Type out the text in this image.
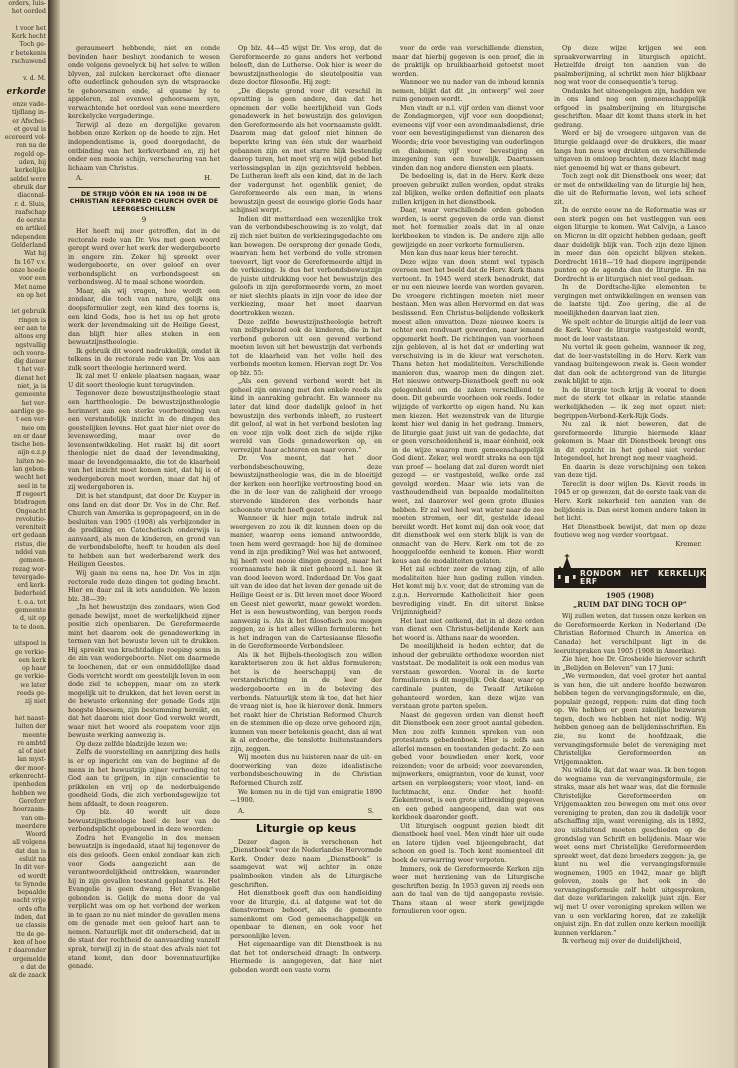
orders, luis-
het oorded

t voor het
Kerk hecht
Toch ge-
r betekenis
rschuwend

v. d. M.
erkorde
onze vade-
tijdlang in-
er Afschei-
et geval is
ecereerd vol-
ren na de
regeld op-
uden, bij
kerkelijke
seldel were
ebruik dar
diaconal-
r. d. Sluis,
raafschap
de eerste
en artikel
ndependen
Gelderland
Wat hij
In 167 v.v.
onze hoede
voor een
Met name
en op het

iet gebruik
ringen is
eer aan te
altoos erg
ngstvallig
och voora-
dig diener
t het ver-
dienst het
niet, ja is
gemeente
het ver-
aardige ge-
t een ver-
mee om
en er daar
tische ben-
aijn e.z.p
luiten ne-
lan gebon-
wecht het
seel in te
ff regeert
btsdragen
Ongeacht
revolutio-
vereniteit
ert gedaan
ristus, die
nddel van
gemeen-
rezag wor-
tevergade-
erd kerk-
liederheid
t. o.a. tot
gemeente
d, uit op
te te doen.

uitspoel is
ge verkie-
een kerk
op haar
ge verkie-
we later
reeds ge-
zij niet

het naast-
luiten der
meente
re ambtd
al of niet
lan myst-
der moor-
erkenrecht-
ipenheden
hebben we
Gereforr
hoorzaam-
van om-
meerdere
Woord
all volgens
dat dan is
esluit na
In dit ver-
ed wordt
te Synode
bepaalde
eacht vrije
ords ofte
inden, dat
ue classis
tte de ge-
ken of hoe
r daaronder
orgemelde
e dat de
ak de zaack

geraumeert hebbende, niet en conde bevinden haer besluyt zoodanich te wesen onde volgens gevoelyck bij het selve te willen blyven, zal zulcken kerckeraet ofte dienaer ofte ouderlinck gehouden syn de wtspraecke te gehoorsamen ende, al quame hy te appeleren, zal evenwel gehoorsaem syn, verwachtende het oordeel van eene meerdere kerckelycke vergaderinge.

Terwijl al deze en dergelijke gevaren hebben onze Kerken op de hoede te zijn. Het independentisme is, goed doorgedacht, de ontbinding van het kerkverband en, zij het onder een mooie schijn, verscheuring van het lichaam van Christus.

A.	H.
DE STRIJD VÓÓR EN NA 1908 IN DE CHRISTIAN REFORMED CHURCH OVER DE LEERGESCHILLEN
9

Het heeft mij zeer getroffen, dat in de rectorale rede van Dr. Vos met geen woord gerept werd over het werk der wedergeboorte in engere zin. Zeker hij spreekt over wedergeboorte, en over geloof en over verbondsplicht en verbondsgeest en verbondsweg. Al te maal schone woorden.

Maar, als wij vragen, hoe wordt een zondaar, die toch van nature, gelijk ons doopsformulier zegt, een kind des toorns is, een kind Gods, hoe is het nu op het grote werk der levendmaking uit de Heilige Geest, dan blijft hier alles steken in een bewustzijnstheologie.

Ik gebruik dit woord nadrukkelijk, omdat ik telkens in de rectorale rede van Dr. Vos aan zulk soort theologie herinnerd werd.

Ik zal met U enkele plaatsen nagaan, waar U dit soort theologie kunt terugvinden.

Tegenover deze bewustzijnstheologie staat een harttheologie. De bewustzijnstheologie herinnert aan een sterke voorbereiding van een verstandelijk inzicht in de dingen des geestelijken levens. Het gaat hier niet over de levenswording, maar over de levensontwikkeling. Het raakt bij dit soort theologie niet de daad der levendmaking, maar de levendgemaakte, die tot de klaarheid van het inzicht moet komen niet, dat hij is of wedergeboren moet worden, maar dat hij of zij wedergeboren is.

Dit is het standpunt, dat door Dr. Kuyper in ons land en dat door Dr. Vos in de Chr. Ref. Church van Amerika is gepropageerd, en in de besluiten van 1905 (1908) als verbijzonder in de prediking en Catechetisch onderwijs is aanvaard, als men de kinderen, en grond van de verbondsbelofte, heeft te houden als deel te hebben aan het wederbarend werk des Heiligen Geestes.

Wij gaan nu eens na, hoe Dr. Vos in zijn rectorale rede deze dingen tot geding bracht. Hier en daar zal ik iets aanduiden. We lezen blz. 38—39:

„In het bewustzijn des zondaars, wien God genade bewijst, moet de werkelijkheid zijner positie zich openbaren. De Gereformeerde mint het daarom ook de genadewerking in termen van het bewuste leven uit te drukken. Hij spreekt van krachtdadige roeping soms in de zin van wedergeboorte. Niet om daarmede te loochenen, dat er een onmiddellijke daad Gods verricht wordt om geestelijk leven in een dode ziel te scheppen, maar om zo sterk mogelijk uit te drukken, dat het leven eerst in de bewuste erkenning der genade Gods zijn hoogste bloesem, zijn bestemming bereikt, en dat het daarom niet door God verwekt wordt, waar niet het woord als roepstem voor zijn bewuste werking aanwezig is.

Op deze zelfde bladzijde lezen we:

Zelfs de voorstelling en aanrijzing des heils is er op ingericht om van de beginne af de mens in het bewustzijn zijner verhouding tot God aan te grijpen, in zijn conscientie te prikkelen en vrij op de nederbuigende goedheid Gods, die zich verbondsgewijze tot hem afdaalt, te doen reageren.

Op blz. 40 wordt uit deze bewustzijnstheologie heel de leer van de verbondsplicht opgebouwd in deze woorden:

Zodra het Evangelie in des mensen bewustzijn is ingedaald, staat hij tegenover de eis des geloofs. Geen enkel zondaar kan zich voor Gods aangezicht aan de verantwoordelijkheid onttrekken, waaronder hij in zijn gevallen toestand geplaatst is. Het Evangelie is geen dwang. Het Evangelie gebonden is. Gelijk de mens door de val verplicht was om op het verbond der werken in te gaan zo nu niet minder de gevallen mens om de genade met een geloof hart aan te nemen. Natuurlijk met dit onderscheid, dat in de staat der rechtheid de aanvaarding vanzelf sprak, terwijl zij in de staat des afvals niet tot stand komt, dan door bovennatuurlijke genade.

Op blz. 44—45 wijst Dr. Vos erop, dat de Gereformeerde zo gans anders het verbond beleeft, dan de Lutherse. Ook hier is weer de bewustzijnstheologie de sleutelpositie van deze doctor filosoofie. Hij zegt:

„De diepste grond voor dit verschil in opvatting is geen andere, dan dat het opnemen der volle heerlijkheid van Gods genadewerk in het bewustzijn des gelovigen den Gereformeerde als het voornaamste geldt. Daarom mag dat geloof niet binnen de beperkte kring van één stuk der waarheid gebannen zijn en met starre blik bestendig daarop turen, het moet vrij en wijd gebed het verlossingsplan in zijn gezichtsveld hebben. De Lutheran leeft als een kind, dat in de lach der vadergunst het ogenblik geniet, de Gereformeerde als een man, in wiens bewustzijn geest de eeuwige glorie Gods haar schijnsel werpt.

Indien dit metterdaad een wezenlijke trek van de verbondsbeschouwing is zo volgt, dat zij zich niet buiten de verkiezingsgedachte om kan bewegen. De oorsprong der genade Gods, waarvan hem het verbond de volle stromen toevoert, ligt voor de Gereformeerde altijd in de verkiezing. Is dus het verbondsbewustzijn de juiste uitdrukking voor het bewustzijn des geloofs in zijn gereformeerde vorm, zo moet er niet slechts plaats in zijn voor de idee der verkiezing, maar het moet daarvan doortrokken wezen.

Deze zelfde bewustzijnstheologie betreft van zelfsprekend ook de kinderen, die in het verbond geboren uit een gevend verbond moeten leven uit het bewustzijn dat verbonds tot de klaarheid van het volle heil des verbonds moeten komen. Hiervan zegt Dr. Vos op blz. 55:

„Als een gevend verbond wordt het in geheel zijn omvang met den enkele reeds als kind in aanraking gebracht. En wanneer nu later dat kind door dadelijk geloof in het bewustzijn des verbonds inleeft, zo rusteert dit geloof, al wat in het verbond besloten lag en voor zijn volk doet zich de wijde rijke wereld van Gods genadewerken op, en verrezijnt haar achteren en naar voren.”

Dr. Vos meent, dat het door verbondsbeschouwing, deze bewustzijnstheologie was, die in de bloeitijd der kerken een heerlijke vertroosting bood en die in de leer van de zaligheid der vroege stervende kinderen des verbonds haar schoonste vrucht heeft gezet.

Wanneer ik hier mijn totale indruk zal weergeven zo zou ik dit kunnen doen op de manier, waarop eens iemand antwoordde, toen hem werd gevraagd: hoe hij de dominee vond in zijn prediking? Wel was het antwoord, hij heeft veel mooie dingen gezegd, maar het voornaamste heb ik niet gehoord n.l. hoe ik van dood leeven word. Inderdaad Dr. Vos gaat uit van de idee dat het leven der genade uit de Heilige Geest er is. Dit leven moet door Woord en Geest niet gewerkt, maar gewekt worden. Het is een bewustwording, van bergen reeds aanwezig is. Als ik het filosofisch zou mogen zeggen, zo is het alles willen formuleren: het is het indragen van de Cartesiaanse filosofie in de Gereformeerde Verbondsleer.

Als ik het Bijbels-theologisch zou willen karakteriseren zou ik het aldus formuleren; het is de heerschappij van de verstandsrichting in de leer der wedergeboorte en in de beleving des verbonds. Natuurlijk stem ik toe, dat het hier de vraag niet is, hoe ik hierover denk. Immers het raakt hier de Christian Reformed Church en de stemmen die op deze orve gehoord zijn, kunnen van meer betekenis geacht, dan al wat ik al erdoorhe, die tenslotte buitenstaanders zijn, zeggen.

Wij moeten dus nu luisteren naar de uit- en doorwerking van deze idealistische verbondsbeschouwing in de Christian Reformed Church zelf.

We komen nu in de tijd van emigratie 1890—1900.

A.	S.
Liturgie op keus

Dezer dagen is verschenen het „Dienstboek” voor de Nederlandse Hervormde Kerk. Onder deze naam „Dienstboek” is saamgevat wat wij achter in onze psalmboeken vinden als de Liturgische geschriften.

Het dienstboek geeft dus een handleiding voor de liturgie, d.i. al datgene wat tot de dienstvormen behoort, als de gemeente samenkomt om God gemeenschappelijk en openbaar te dienen, en ook voor het persoonlijke leven.

Het eigenaardige van dit Dienstboek is nu dat het tot onderscheid draagt: In ontwerp. Hiermede is aangegeven, dat hier niet geboden wordt een vaste vorm

voor de orde van verschillende diensten, maar dat hierbij gegeven is een proef, die in de praktijk op bruikbaarheid getoetst moet worden.

Wanneer we nu nader van de inhoud kennis nemen, blijkt dat dit „in ontwerp” wel zeer ruim genomen wordt.

Men vindt er n.l. vijf orden van dienst voor de Zondagmorgen, vijf voor een doopdienst; eveneens vijf voor een avondmaalsdienst, drie voor een bevestigingsdienst van dienaren des Woords; drie voor bevestiging van ouderlingen en diakenen; vijf voor bevestiging en inzegening van een huwelijk. Daartussen vinden dan nog andere diensten een plaats.

De bedoeling is, dat in de Herv. Kerk deze proeven gebruikt zullen worden, opdat straks zal blijken, welke orden definitief een plaats zullen krijgen in het dienstboek.

Daar, waar verschillende orden geboden worden, is eerst gegeven de orde van dienst met het formulier zoals dat in al onze kerkboeken te vinden is. De andere zijn alle gewijzigde en zeer verkorte formulieren.

Men kan dus naar keus hier terecht.

Deze wijze van doen stemt wel typisch overeen met het beeld dat de Herv. Kerk thans vertoont. In 1945 werd sterk benadrukt, dat er nu een nieuwe leerde van worden gevaren. De vroegere richtingen moeten niet meer bestaan. Men was allen Hervormd en dat was beslissend. Een Christus-belijdende volkskerk moest allen omvatten. Deze nieuwe koers is echter een rondvaart geworden, naar iemand opgemerkt heeft. De richtingen van voorheen zijn gebleven, al is het dat er onderling wat verschuiving is in de kleur wat verschoten. Thans heten het modaliteiten. Verschillende manieren dus, waarop men de dingen ziet. Het nieuwe ontwerp-Dienstboek geeft nu ook gelegenheid om de zaken verschillend te doen. Dit gebeurde voorheen ook reeds. Ieder wijzigde of verkortte op eigen hand. Nu kan men kiezen. Het wezenstrek van de liturgie komt hier wel danig in het gedrang. Immers, de liturgie gaat juist uit van de gedachte, dat er geen verscheidenheid is, maar éénheid, ook in de wijze waarop men gemeenschappelijk God dient. Zeker, wel wordt straks na een tijd van proef — hoelang dat zal duren wordt niet gezegd — er vastgesteld, welke orde zal gevolgd worden. Maar wie iets van de vasthoudendheid van bepaalde modaliteiten weet, zal daarover wel geen grote illusies hebben. Er zal wel heel wat water naar de zee moeten stromen, eer dit, gestelde ideaal bereikt wordt. Het komt mij dan ook voor, dat dit dienstboek wel een sterk blijk is van de onmacht van de Herv. Kerk om tot de zo hooggeloofde eenheid te komen. Hier wordt keus aan de modaliteiten gelaten.

Het zal echter zeer de vraag zijn, of alle modaliteiten hier hun gading zullen vinden. Het komt mij b.v. voor, dat de stroming van de z.g.n. Hervormde Katholiciteit hier geen bevrediging vindt. En dit uiterst linkse Vrijzinnigheid?

Het laat niet ontkend, dat in al deze orden van dienst een Christus-belijdende Kerk aan het woord is. Althans naar de woorden.

De moeilijkheid is heden echter, dat de inhoud der gebruikte orthodoxe woorden niet vaststaat. De modaliteit is ook een modus van verstaan geworden. Vooral in de korte formulieren is dit mogelijk. Ook daar, waar op cardinale punten, de Twaalf Artikelen gehanteerd worden, kan deze wijze van verstaan grote parten spelen.

Naast de gegeven orden van dienst heeft dit Dienstboek een zeer groot aantal gebeden. Men zou zelfs kunnen spreken van een protestants gebedenboek. Hier is zelfs aan allerlei mensen en toestanden gedacht. Zo een gebed voor bouwlieden ener kerk, voor reizenden; voor de arbeid; voor zeevarenden, mijnwerkers, emigranten, voor de kunst, voor artsen en verpleegsters; voor vloot, land- en luchtmacht, enz. Onder het hoofd: Ziekentroost, is een grote uitbreiding gegeven en een gebed aangeopend, dan wat ons kerkboek daaronder geeft.

Uit liturgisch oogpunt gezien biedt dit dienstboek heel veel. Men vindt hier uit oude en latere tijden veel bijeengebracht, dat schoon en goed is. Toch kent momenteel dit boek de verwarring weer verpoten.

Immers, ook de Gereformeerde Kerken zijn weer met herziening van de Liturgische geschriften bezig. In 1953 gaven zij reeds een aan de taal van de tijd aangepaste revisie. Thans staan al weer sterk gewijzigde formulieren voor ogen.

Op deze wijze krijgen we een spraakverwarring in liturgisch opzicht. Hetzelfde dreigt ten aanzien van de psalmberijming, al schrikt men hier blijkbaar nog wat voor de consequentie's terug.

Ondanks het uiteengelagen zijn, hadden we in ons land nog een gemeenschappelijk erfgoed in psalmberijming en liturgische geschriften. Maar dit komt thans sterk in het gedrang.

Werd er bij de vroegere uitgaven van de liturgie geklaagd over de drukkers, die maar langs hun neus weg drukten en verschillende uitgaven in omloop brachten, deze klacht mag niet genoemd bij wat er thans gebeurt.

Toch zegt ook dit Dienstboek ons weer, dat er met de ontwikkeling van de liturgie bij hen, die uit de Reformatie leven, wel iets scheef zit.

In de eerste eeuw na de Reformatie was er een sterk pogen om het vastleggen van een eigen liturgie te komen. Wat Calvijn, a Lasco en Micron in dit opzicht hebben gedaan, geeft daar duidelijk blijk van. Toch zijn deze lijnen in meer dan één opzicht blijven steken. Dordrecht 1618—'19 had diepere ingrijpende punten op de agenda dan de liturgie. En na Dordrecht is er liturgisch niet veel gedaan.

In de Dordtsche-lijke elementen te vergingen met ontwikkelingen en wensen van de laatste tijd. Zoo gering, die al de moeilijkheden daarvan laat zien.

We spelt echter de liturgie altijd de leer van de Kerk. Voor de liturgie vastgesteld wordt, moet de leer vaststaan.

Nu vertel ik geen geheim, wanneer ik zeg, dat de leer-vaststelling in de Herv. Kerk van vandaag buitengewoon zwak is. Geen wonder dat dan ook de achtergrond van de liturgie zwak blijkt te zijn.

In de liturgie toch krijg ik vooral te doen met de sterk tot elkaar in relatie staande werkelijkheden — ik zeg met opzet niet: begrippen-Verbond-Kerk-Rijk Gods.

Nu zal ik niet beweren, dat de gereformeerde liturgie hiermede klaar gekomen is. Maar dit Dienstboek brengt ons in dit opzicht in het geheel niet verder. Integendeel, het brengt nog meer vaagheid.

En daarin is deze verschijning een teken van deze tijd.

Tereclit is door wijlen Ds. Kievit reeds in 1945 er op gewezen, dat de eerste taak van de Herv. Kerk zekerheid ten aanzien van de belijdenis is. Dan eerst komen andere taken in het licht.

Het Dienstboek bewijst, dat men op deze foutieve weg nog verder voortgaat.

Kremer.
RONDOM HET KERKELIJK ERF
1905 (1908)
„RUIM DAT DING TOCH OP”

Wij zullen weten, dat tussen onze kerken en de Gereformeerde Kerken in Nederland (De Christian Reformed Church in America en Canada) het verschilpunt ligt in de leeruitspraken van 1905 (1908 in Amerika).

Zie hier, hoe Dr. Grosheide hierover schrift in „Belijden en Beleven” van 17 Juni:

„We vermoeden, dat veel groter het aantal is van hen, die uit andere hoofde bezwaren hebben tegen de vervangingsformule, en die, populair gezegd, reppen: ruim dat ding toch op. We hebben er geen zakelijke bezwaren tegen, doch we hebben het niet nodig. Wij hebben genoeg aan de belijdenisschriften. En zie, nu komt de hoofdzaak, die vervangingsformule belet de vereniging met Christelijke Gereformeerden en Vrijgemaakten.

Nu wilde ik, dat dat waar was. Ik ben tegen de wegname van de vervangingsformule, zie straks, maar als het waar was, dat die formule Christelijke Gereformeerden en Vrijgemaakten zou bewegen om met ons over vereniging te praten, dan zou ik dadelijk voor afschaffing zijn, want vereniging, als in 1892, zou uitsluitend moeten geschieden op de grondslag van Schrift en belijdenis. Maar wie weet eens met Christelijke Gereformeerden spreekt weet, dat deze broeders zeggen: ja, ge kunt nu wel die vervangingsformule wegnemen, 1905 en 1942, maar ge blijft geloven, zoals ge het ook in de vervangingsformule zelf hebt uitgesproken, dat deze verklaringen zakelijk juist zijn. Eer wij met U over vereniging spreken willen we van u een verklaring horen, dat ze zakelijk onjuist zijn. En dat zullen onze kerken moeilijk kunnen verklaren.”

Ik verheug mij over de duidelijkheid,
